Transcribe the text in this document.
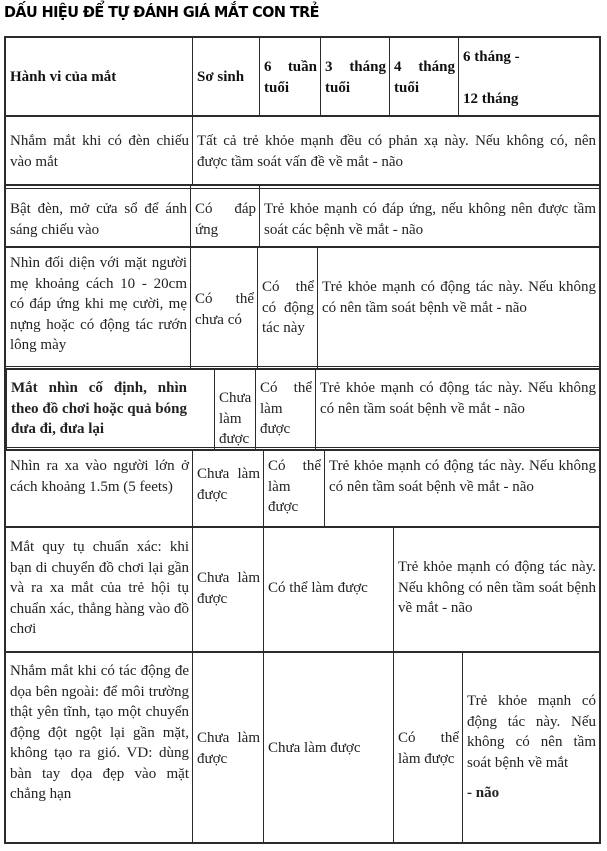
DẤU HIỆU ĐỂ TỰ ĐÁNH GIÁ MẮT CON TRẺ
Hành vi của mắt	Sơ sinh
6 tuần tuổi
3 tháng tuổi
4 tháng tuổi
6 tháng -
12 tháng
Nhắm mắt khi có đèn chiếu vào mắt
Tất cả trẻ khỏe mạnh đều có phản xạ này. Nếu không có, nên được tầm soát vấn đề về mắt - não
Bật đèn, mở cửa sổ để ánh sáng chiếu vào
Có đáp ứng
Trẻ khỏe mạnh có đáp ứng, nếu không nên được tầm soát các bệnh về mắt - não
Nhìn đối diện với mặt người mẹ khoảng cách 10 - 20cm có đáp ứng khi mẹ cười, mẹ nựng hoặc có động tác rướn lông mày
Có thể chưa có
Có thể có động tác này
Trẻ khỏe mạnh có động tác này. Nếu không có nên tầm soát bệnh về mắt - não
Mắt nhìn cố định, nhìn theo đồ chơi hoặc quả bóng đưa đi, đưa lại
Chưa làm được
Có thể làm được
Trẻ khỏe mạnh có động tác này. Nếu không có nên tầm soát bệnh về mắt - não
Nhìn ra xa vào người lớn ở cách khoảng 1.5m (5 feets)
Chưa làm được
Có thể làm được
Trẻ khỏe mạnh có động tác này. Nếu không có nên tầm soát bệnh về mắt - não
Mắt quy tụ chuẩn xác: khi bạn di chuyển đồ chơi lại gần và ra xa mắt của trẻ hội tụ chuẩn xác, thẳng hàng vào đồ chơi
Chưa làm được
Có thể làm được
Trẻ khỏe mạnh có động tác này. Nếu không có nên tầm soát bệnh về mắt - não
Nhắm mắt khi có tác động đe dọa bên ngoài: để môi trường thật yên tĩnh, tạo một chuyển động đột ngột lại gần mặt, không tạo ra gió. VD: dùng bàn tay dọa đẹp vào mặt chẳng hạn
Chưa làm được
Chưa làm được
Có thể làm được
Trẻ khỏe mạnh có động tác này. Nếu không có nên tầm soát bệnh về mắt
- não
